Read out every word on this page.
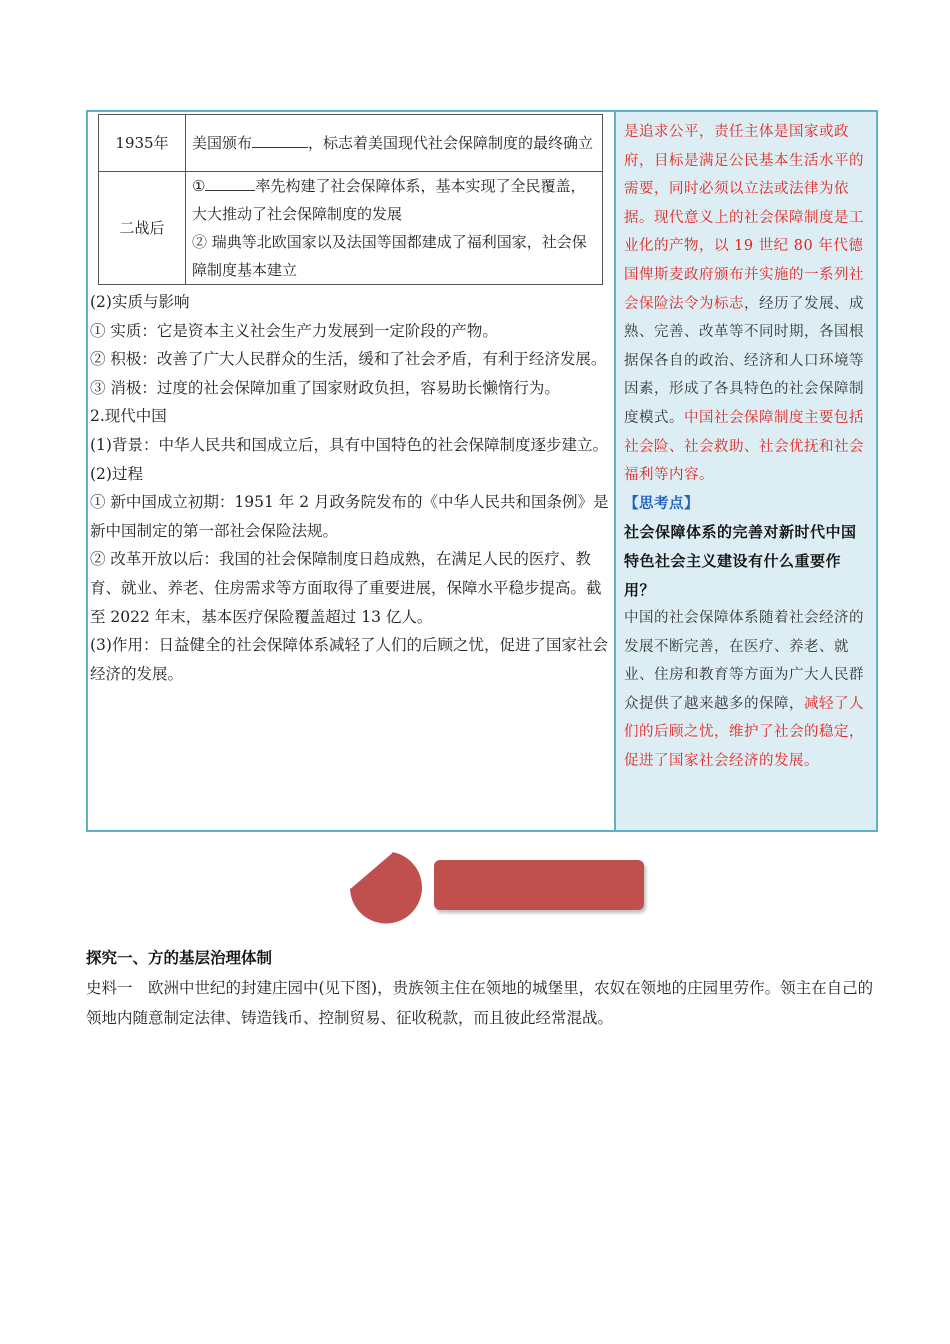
1935年	美国颁布 ，标志着美国现代社会保障制度的最终确立
二战后	① 率先构建了社会保障体系，基本实现了全民覆盖，大大推动了社会保障制度的发展
② 瑞典等北欧国家以及法国等国都建成了福利国家，社会保障制度基本建立

(2)实质与影响

① 实质：它是资本主义社会生产力发展到一定阶段的产物。

② 积极：改善了广大人民群众的生活，缓和了社会矛盾，有利于经济发展。

③ 消极：过度的社会保障加重了国家财政负担，容易助长懒惰行为。

2.现代中国

(1)背景：中华人民共和国成立后，具有中国特色的社会保障制度逐步建立。

(2)过程

① 新中国成立初期：1951 年 2 月政务院发布的《中华人民共和国条例》是新中国制定的第一部社会保险法规。

② 改革开放以后：我国的社会保障制度日趋成熟，在满足人民的医疗、教育、就业、养老、住房需求等方面取得了重要进展，保障水平稳步提高。截至 2022 年末，基本医疗保险覆盖超过 13 亿人。

(3)作用：日益健全的社会保障体系减轻了人们的后顾之忧，促进了国家社会经济的发展。

是追求公平，责任主体是国家或政府，目标是满足公民基本生活水平的需要，同时必须以立法或法律为依据。现代意义上的社会保障制度是工业化的产物，以 19 世纪 80 年代德国俾斯麦政府颁布并实施的一系列社会保险法令为标志，经历了发展、成熟、完善、改革等不同时期，各国根据保各自的政治、经济和人口环境等因素，形成了各具特色的社会保障制度模式。中国社会保障制度主要包括社会险、社会救助、社会优抚和社会福利等内容。
【思考点】
社会保障体系的完善对新时代中国特色社会主义建设有什么重要作用？
中国的社会保障体系随着社会经济的发展不断完善，在医疗、养老、就业、住房和教育等方面为广大人民群众提供了越来越多的保障，减轻了人们的后顾之忧，维护了社会的稳定，促进了国家社会经济的发展。
探究一、方的基层治理体制

史料一　欧洲中世纪的封建庄园中(见下图)，贵族领主住在领地的城堡里，农奴在领地的庄园里劳作。领主在自己的领地内随意制定法律、铸造钱币、控制贸易、征收税款，而且彼此经常混战。
